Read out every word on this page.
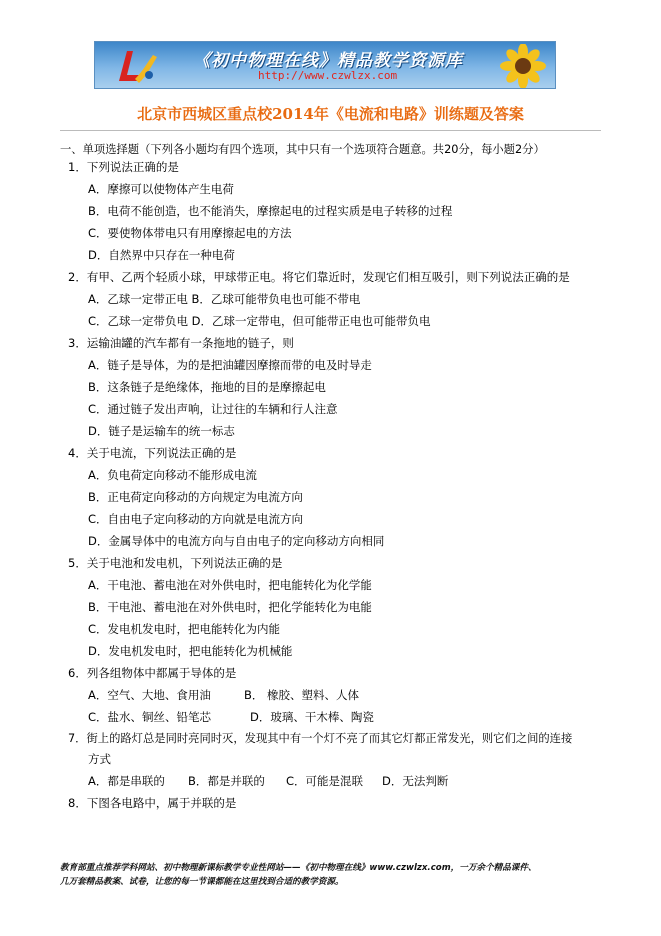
《初中物理在线》精品教学资源库
http://www.czwlzx.com
北京市西城区重点校2014年《电流和电路》训练题及答案
一、单项选择题（下列各小题均有四个选项，其中只有一个选项符合题意。共20分，每小题2分）
1．下列说法正确的是
A．摩擦可以使物体产生电荷
B．电荷不能创造，也不能消失，摩擦起电的过程实质是电子转移的过程
C．要使物体带电只有用摩擦起电的方法
D．自然界中只存在一种电荷
2．有甲、乙两个轻质小球，甲球带正电。将它们靠近时，发现它们相互吸引，则下列说法正确的是
A．乙球一定带正电 B．乙球可能带负电也可能不带电
C．乙球一定带负电 D．乙球一定带电，但可能带正电也可能带负电
3．运输油罐的汽车都有一条拖地的链子，则
A．链子是导体，为的是把油罐因摩擦而带的电及时导走
B．这条链子是绝缘体，拖地的目的是摩擦起电
C．通过链子发出声响，让过往的车辆和行人注意
D．链子是运输车的统一标志
4．关于电流，下列说法正确的是
A．负电荷定向移动不能形成电流
B．正电荷定向移动的方向规定为电流方向
C．自由电子定向移动的方向就是电流方向
D．金属导体中的电流方向与自由电子的定向移动方向相同
5．关于电池和发电机，下列说法正确的是
A．干电池、蓄电池在对外供电时，把电能转化为化学能
B．干电池、蓄电池在对外供电时，把化学能转化为电能
C．发电机发电时，把电能转化为内能
D．发电机发电时，把电能转化为机械能
6．列各组物体中都属于导体的是
A．空气、大地、食用油	B． 橡胶、塑料、人体
C．盐水、铜丝、铅笔芯	D．玻璃、干木棒、陶瓷
7．街上的路灯总是同时亮同时灭，发现其中有一个灯不亮了而其它灯都正常发光，则它们之间的连接
方式
A．都是串联的 B．都是并联的 C．可能是混联 D．无法判断
8．下图各电路中，属于并联的是
教育部重点推荐学科网站、初中物理新课标教学专业性网站——《初中物理在线》www.czwlzx.com，一万余个精品课件、
几万套精品教案、试卷，让您的每一节课都能在这里找到合适的教学资源。
